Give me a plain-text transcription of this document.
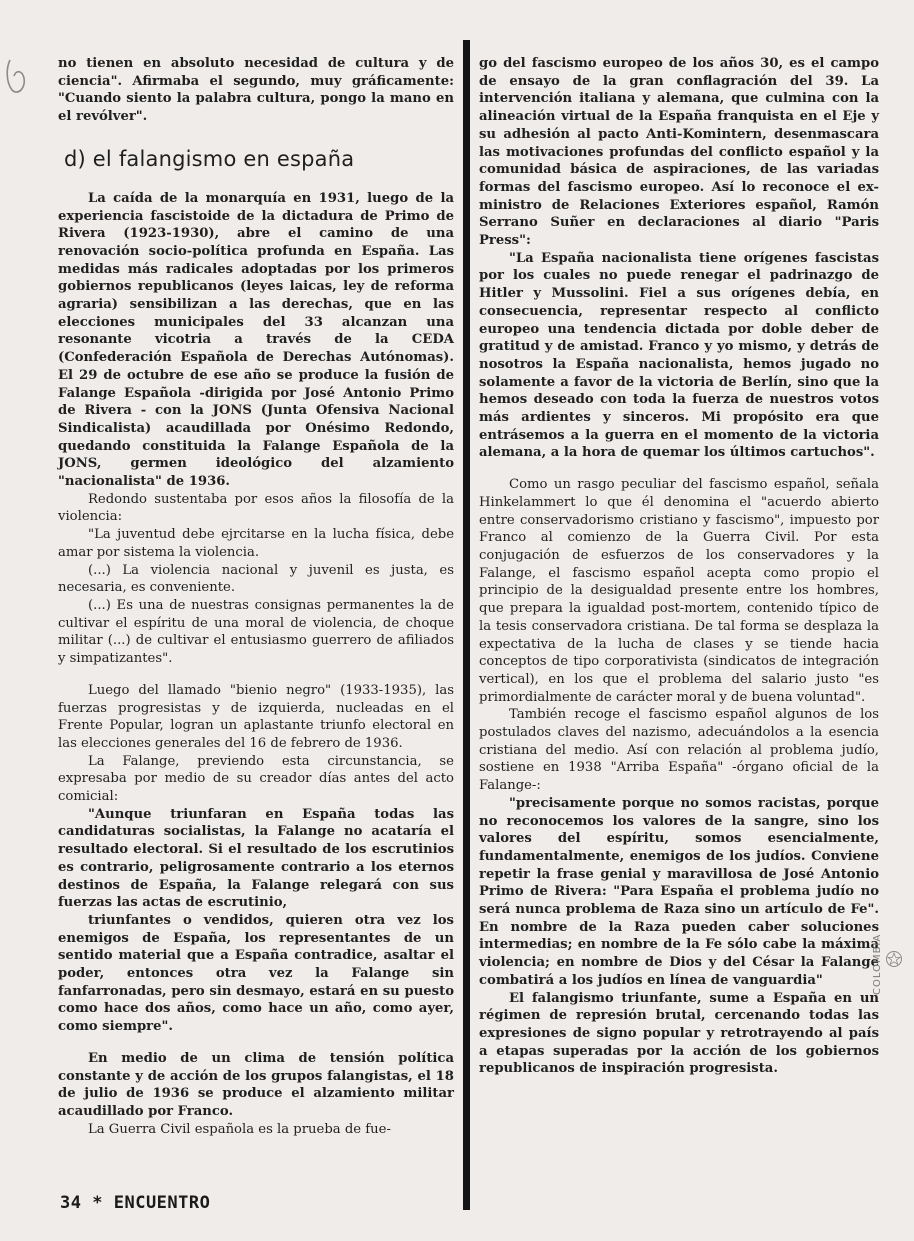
no tienen en absoluto necesidad de cultura y de ciencia". Afirmaba el segundo, muy gráficamente: "Cuando siento la palabra cultura, pongo la mano en el revólver".

d) el falangismo en españa

La caída de la monarquía en 1931, luego de la experiencia fascistoide de la dictadura de Primo de Rivera (1923-1930), abre el camino de una renovación socio-política profunda en España. Las medidas más radicales adoptadas por los primeros gobiernos republicanos (leyes laicas, ley de reforma agraria) sensibilizan a las derechas, que en las elecciones municipales del 33 alcanzan una resonante vicotria a través de la CEDA (Confederación Española de Derechas Autónomas). El 29 de octubre de ese año se produce la fusión de Falange Española -dirigida por José Antonio Primo de Rivera - con la JONS (Junta Ofensiva Nacional Sindicalista) acaudillada por Onésimo Redondo, quedando constituida la Falange Española de la JONS, germen ideológico del alzamiento "nacionalista" de 1936.

Redondo sustentaba por esos años la filosofía de la violencia:

"La juventud debe ejrcitarse en la lucha física, debe amar por sistema la violencia.

(...) La violencia nacional y juvenil es justa, es necesaria, es conveniente.

(...) Es una de nuestras consignas permanentes la de cultivar el espíritu de una moral de violencia, de choque militar (...) de cultivar el entusiasmo guerrero de afiliados y simpatizantes".

Luego del llamado "bienio negro" (1933-1935), las fuerzas progresistas y de izquierda, nucleadas en el Frente Popular, logran un aplastante triunfo electoral en las elecciones generales del 16 de febrero de 1936.

La Falange, previendo esta circunstancia, se expresaba por medio de su creador días antes del acto comicial:

"Aunque triunfaran en España todas las candidaturas socialistas, la Falange no acataría el resultado electoral. Si el resultado de los escrutinios es contrario, peligrosamente contrario a los eternos destinos de España, la Falange relegará con sus fuerzas las actas de escrutinio,

triunfantes o vendidos, quieren otra vez los enemigos de España, los representantes de un sentido material que a España contradice, asaltar el poder, entonces otra vez la Falange sin fanfarronadas, pero sin desmayo, estará en su puesto como hace dos años, como hace un año, como ayer, como siempre".

En medio de un clima de tensión política constante y de acción de los grupos falangistas, el 18 de julio de 1936 se produce el alzamiento militar acaudillado por Franco.

La Guerra Civil española es la prueba de fue-

go del fascismo europeo de los años 30, es el campo de ensayo de la gran conflagración del 39. La intervención italiana y alemana, que culmina con la alineación virtual de la España franquista en el Eje y su adhesión al pacto Anti-Komintern, desenmascara las motivaciones profundas del conflicto español y la comunidad básica de aspiraciones, de las variadas formas del fascismo europeo. Así lo reconoce el ex-ministro de Relaciones Exteriores español, Ramón Serrano Suñer en declaraciones al diario "Paris Press":

"La España nacionalista tiene orígenes fascistas por los cuales no puede renegar el padrinazgo de Hitler y Mussolini. Fiel a sus orígenes debía, en consecuencia, representar respecto al conflicto europeo una tendencia dictada por doble deber de gratitud y de amistad. Franco y yo mismo, y detrás de nosotros la España nacionalista, hemos jugado no solamente a favor de la victoria de Berlín, sino que la hemos deseado con toda la fuerza de nuestros votos más ardientes y sinceros. Mi propósito era que entrásemos a la guerra en el momento de la victoria alemana, a la hora de quemar los últimos cartuchos".

Como un rasgo peculiar del fascismo español, señala Hinkelammert lo que él denomina el "acuerdo abierto entre conservadorismo cristiano y fascismo", impuesto por Franco al comienzo de la Guerra Civil. Por esta conjugación de esfuerzos de los conservadores y la Falange, el fascismo español acepta como propio el principio de la desigualdad presente entre los hombres, que prepara la igualdad post-mortem, contenido típico de la tesis conservadora cristiana. De tal forma se desplaza la expectativa de la lucha de clases y se tiende hacia conceptos de tipo corporativista (sindicatos de integración vertical), en los que el problema del salario justo "es primordialmente de carácter moral y de buena voluntad".

También recoge el fascismo español algunos de los postulados claves del nazismo, adecuándolos a la esencia cristiana del medio. Así con relación al problema judío, sostiene en 1938 "Arriba España" -órgano oficial de la Falange-:

"precisamente porque no somos racistas, porque no reconocemos los valores de la sangre, sino los valores del espíritu, somos esencialmente, fundamentalmente, enemigos de los judíos. Conviene repetir la frase genial y maravillosa de José Antonio Primo de Rivera: "Para España el problema judío no será nunca problema de Raza sino un artículo de Fe". En nombre de la Raza pueden caber soluciones intermedias; en nombre de la Fe sólo cabe la máxima violencia; en nombre de Dios y del César la Falange combatirá a los judíos en línea de vanguardia"

El falangismo triunfante, sume a España en un régimen de represión brutal, cercenando todas las expresiones de signo popular y retrotrayendo al país a etapas superadas por la acción de los gobiernos republicanos de inspiración progresista.

34 * ENCUENTRO
COLOMBIA
